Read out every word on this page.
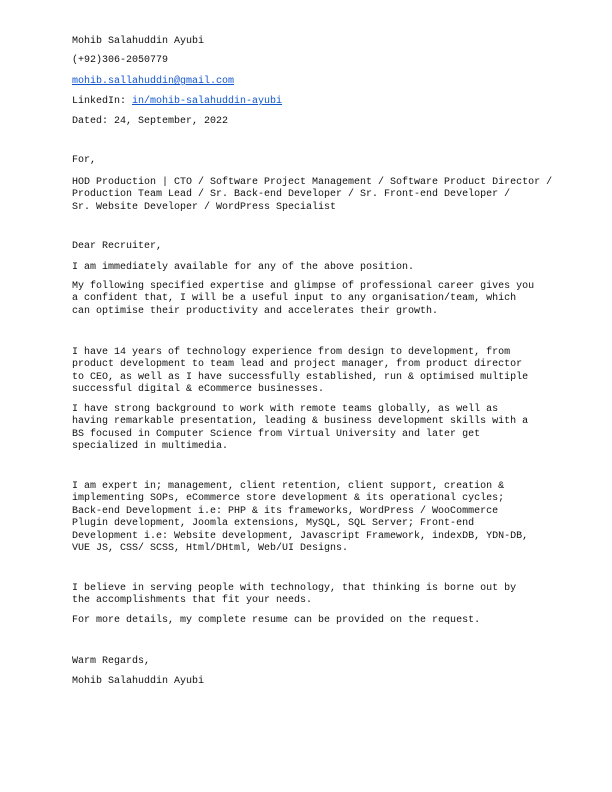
Mohib Salahuddin Ayubi
(+92)306-2050779
mohib.sallahuddin@gmail.com
LinkedIn: in/mohib-salahuddin-ayubi
Dated: 24, September, 2022
For,
HOD Production | CTO / Software Project Management / Software Product Director /
Production Team Lead / Sr. Back-end Developer / Sr. Front-end Developer /
Sr. Website Developer / WordPress Specialist
Dear Recruiter,
I am immediately available for any of the above position.
My following specified expertise and glimpse of professional career gives you
a confident that, I will be a useful input to any organisation/team, which
can optimise their productivity and accelerates their growth.
I have 14 years of technology experience from design to development, from
product development to team lead and project manager, from product director
to CEO, as well as I have successfully established, run & optimised multiple
successful digital & eCommerce businesses.
I have strong background to work with remote teams globally, as well as
having remarkable presentation, leading & business development skills with a
BS focused in Computer Science from Virtual University and later get
specialized in multimedia.
I am expert in; management, client retention, client support, creation &
implementing SOPs, eCommerce store development & its operational cycles;
Back-end Development i.e: PHP & its frameworks, WordPress / WooCommerce
Plugin development, Joomla extensions, MySQL, SQL Server; Front-end
Development i.e: Website development, Javascript Framework, indexDB, YDN-DB,
VUE JS, CSS/ SCSS, Html/DHtml, Web/UI Designs.
I believe in serving people with technology, that thinking is borne out by
the accomplishments that fit your needs.
For more details, my complete resume can be provided on the request.
Warm Regards,
Mohib Salahuddin Ayubi
